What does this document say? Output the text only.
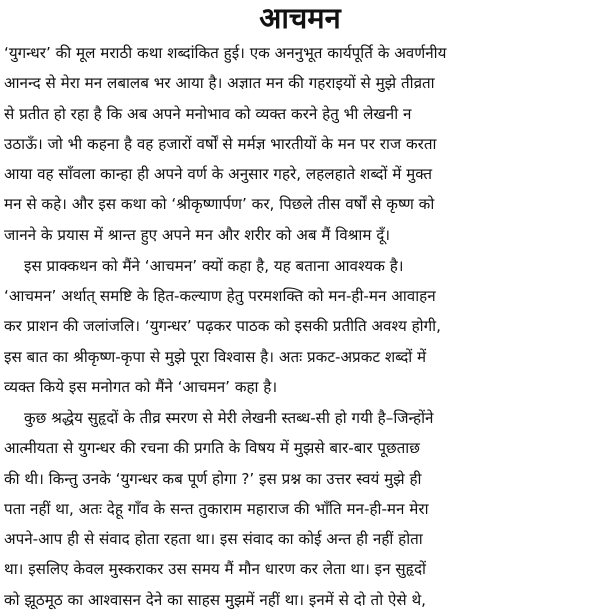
आचमन

‘युगन्धर’ की मूल मराठी कथा शब्दांकित हुई। एक अननुभूत कार्यपूर्ति के अवर्णनीय
आनन्द से मेरा मन लबालब भर आया है। अज्ञात मन की गहराइयों से मुझे तीव्रता
से प्रतीत हो रहा है कि अब अपने मनोभाव को व्यक्त करने हेतु भी लेखनी न
उठाऊँ। जो भी कहना है वह हजारों वर्षों से मर्मज्ञ भारतीयों के मन पर राज करता
आया वह साँवला कान्हा ही अपने वर्ण के अनुसार गहरे, लहलहाते शब्दों में मुक्त
मन से कहे। और इस कथा को ‘श्रीकृष्णार्पण’ कर, पिछले तीस वर्षों से कृष्ण को
जानने के प्रयास में श्रान्त हुए अपने मन और शरीर को अब मैं विश्राम दूँ।

इस प्राक्कथन को मैंने ‘आचमन’ क्यों कहा है, यह बताना आवश्यक है।

‘आचमन’ अर्थात् समष्टि के हित-कल्याण हेतु परमशक्ति को मन-ही-मन आवाहन
कर प्राशन की जलांजलि। ‘युगन्धर’ पढ़कर पाठक को इसकी प्रतीति अवश्य होगी,
इस बात का श्रीकृष्ण-कृपा से मुझे पूरा विश्वास है। अतः प्रकट-अप्रकट शब्दों में
व्यक्त किये इस मनोगत को मैंने ‘आचमन’ कहा है।

कुछ श्रद्धेय सुहृदों के तीव्र स्मरण से मेरी लेखनी स्तब्ध-सी हो गयी है–जिन्होंने
आत्मीयता से युगन्धर की रचना की प्रगति के विषय में मुझसे बार-बार पूछताछ
की थी। किन्तु उनके ‘युगन्धर कब पूर्ण होगा ?’ इस प्रश्न का उत्तर स्वयं मुझे ही
पता नहीं था, अतः देहू गाँव के सन्त तुकाराम महाराज की भाँति मन-ही-मन मेरा
अपने-आप ही से संवाद होता रहता था। इस संवाद का कोई अन्त ही नहीं होता
था। इसलिए केवल मुस्कराकर उस समय मैं मौन धारण कर लेता था। इन सुहृदों
को झूठमूठ का आश्वासन देने का साहस मुझमें नहीं था। इनमें से दो तो ऐसे थे,
